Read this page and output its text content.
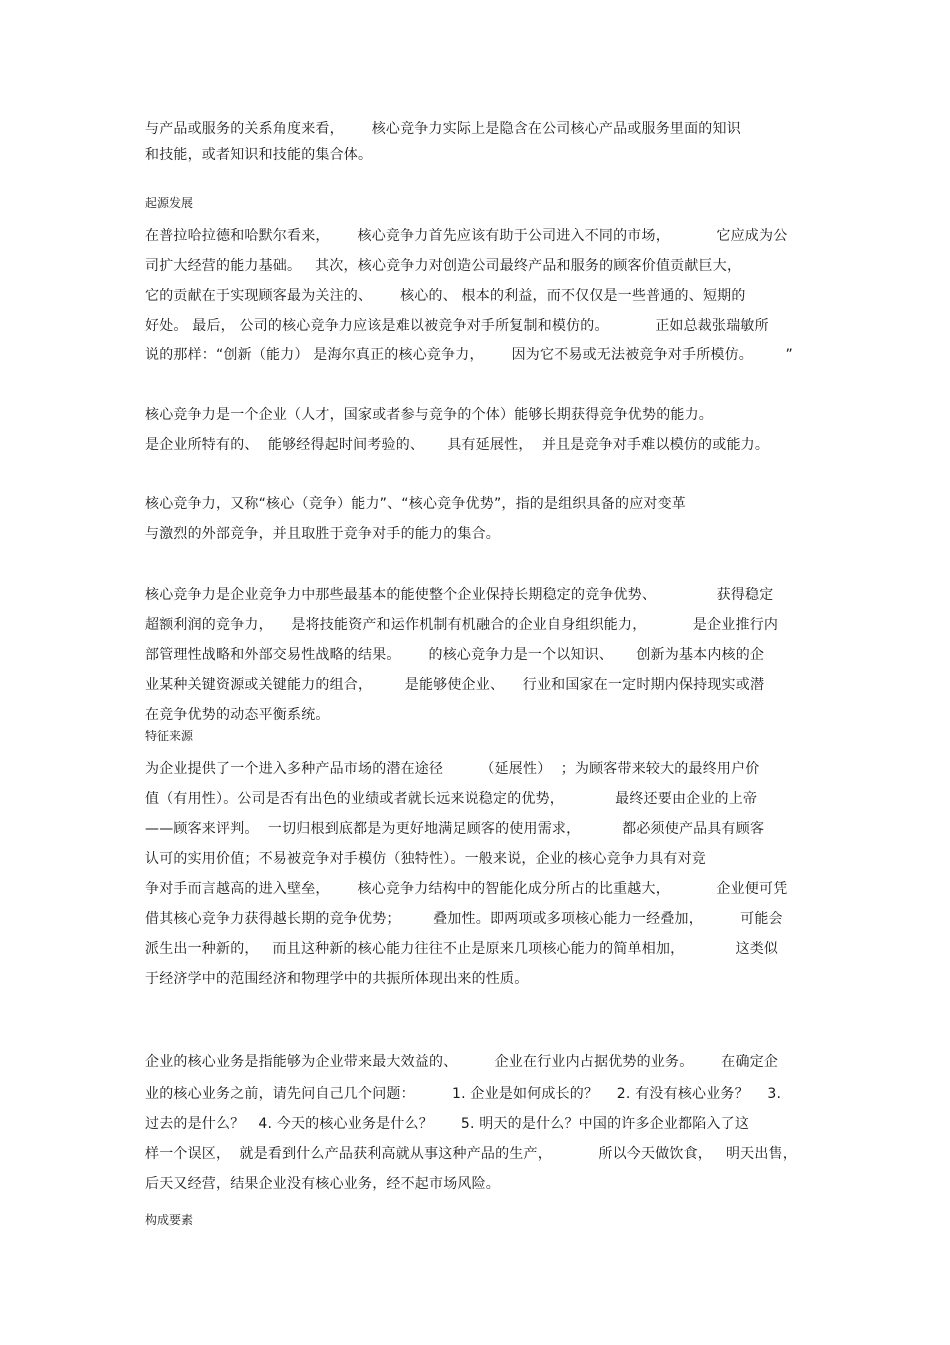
与产品或服务的关系角度来看，      核心竞争力实际上是隐含在公司核心产品或服务里面的知识
和技能，或者知识和技能的集合体。
起源发展
在普拉哈拉德和哈默尔看来，      核心竞争力首先应该有助于公司进入不同的市场，          它应成为公
司扩大经营的能力基础。   其次，核心竞争力对创造公司最终产品和服务的顾客价值贡献巨大，
它的贡献在于实现顾客最为关注的、      核心的、 根本的利益，而不仅仅是一些普通的、短期的
好处。 最后， 公司的核心竞争力应该是难以被竞争对手所复制和模仿的。          正如总裁张瑞敏所
说的那样：“创新（能力） 是海尔真正的核心竞争力，      因为它不易或无法被竞争对手所模仿。       ”
核心竞争力是一个企业（人才，国家或者参与竞争的个体）能够长期获得竞争优势的能力。
是企业所特有的、  能够经得起时间考验的、     具有延展性，  并且是竞争对手难以模仿的或能力。
核心竞争力，又称“核心（竞争）能力”、“核心竞争优势”，指的是组织具备的应对变革
与激烈的外部竞争，并且取胜于竞争对手的能力的集合。
核心竞争力是企业竞争力中那些最基本的能使整个企业保持长期稳定的竞争优势、             获得稳定
超额利润的竞争力，    是将技能资产和运作机制有机融合的企业自身组织能力，          是企业推行内
部管理性战略和外部交易性战略的结果。      的核心竞争力是一个以知识、     创新为基本内核的企
业某种关键资源或关键能力的组合，       是能够使企业、    行业和国家在一定时期内保持现实或潜
在竞争优势的动态平衡系统。
特征来源
为企业提供了一个进入多种产品市场的潜在途径        （延展性）  ；为顾客带来较大的最终用户价
值（有用性）。公司是否有出色的业绩或者就长远来说稳定的优势，           最终还要由企业的上帝
——顾客来评判。  一切归根到底都是为更好地满足顾客的使用需求，         都必须使产品具有顾客
认可的实用价值；不易被竞争对手模仿（独特性）。一般来说，企业的核心竞争力具有对竞
争对手而言越高的进入壁垒，      核心竞争力结构中的智能化成分所占的比重越大，          企业便可凭
借其核心竞争力获得越长期的竞争优势；       叠加性。即两项或多项核心能力一经叠加，        可能会
派生出一种新的，   而且这种新的核心能力往往不止是原来几项核心能力的简单相加，           这类似
于经济学中的范围经济和物理学中的共振所体现出来的性质。
企业的核心业务是指能够为企业带来最大效益的、        企业在行业内占据优势的业务。      在确定企
业的核心业务之前，请先问自己几个问题：        1. 企业是如何成长的？    2. 有没有核心业务？    3.
过去的是什么？   4. 今天的核心业务是什么？      5. 明天的是什么？中国的许多企业都陷入了这
样一个误区，  就是看到什么产品获利高就从事这种产品的生产，          所以今天做饮食，   明天出售，
后天又经营，结果企业没有核心业务，经不起市场风险。
构成要素
